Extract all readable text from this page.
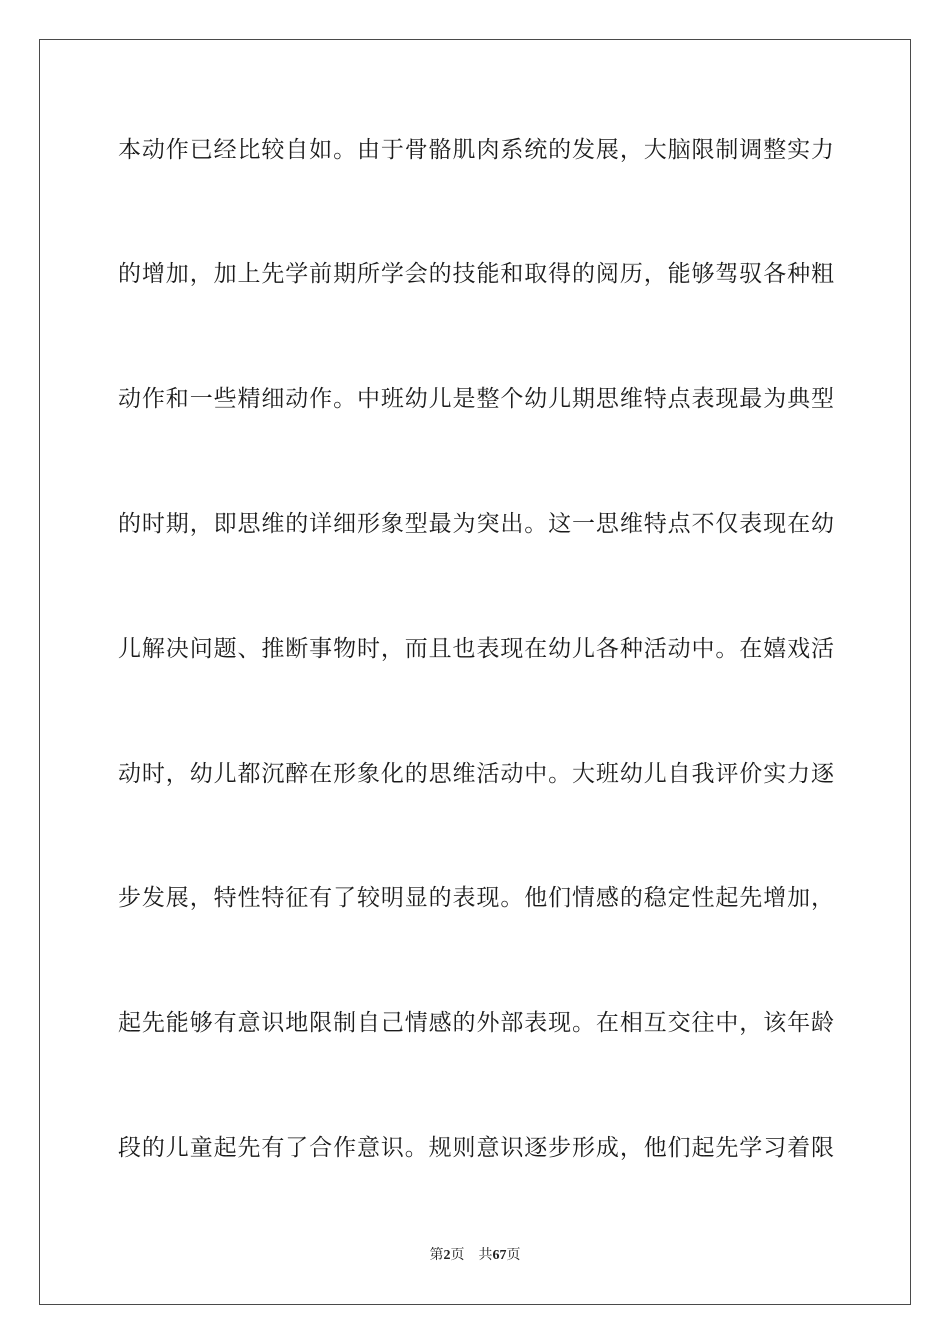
本动作已经比较自如。由于骨骼肌肉系统的发展，大脑限制调整实力
的增加，加上先学前期所学会的技能和取得的阅历，能够驾驭各种粗
动作和一些精细动作。中班幼儿是整个幼儿期思维特点表现最为典型
的时期，即思维的详细形象型最为突出。这一思维特点不仅表现在幼
儿解决问题、推断事物时，而且也表现在幼儿各种活动中。在嬉戏活
动时，幼儿都沉醉在形象化的思维活动中。大班幼儿自我评价实力逐
步发展，特性特征有了较明显的表现。他们情感的稳定性起先增加，
起先能够有意识地限制自己情感的外部表现。在相互交往中，该年龄
段的儿童起先有了合作意识。规则意识逐步形成，他们起先学习着限
第2页 共67页
